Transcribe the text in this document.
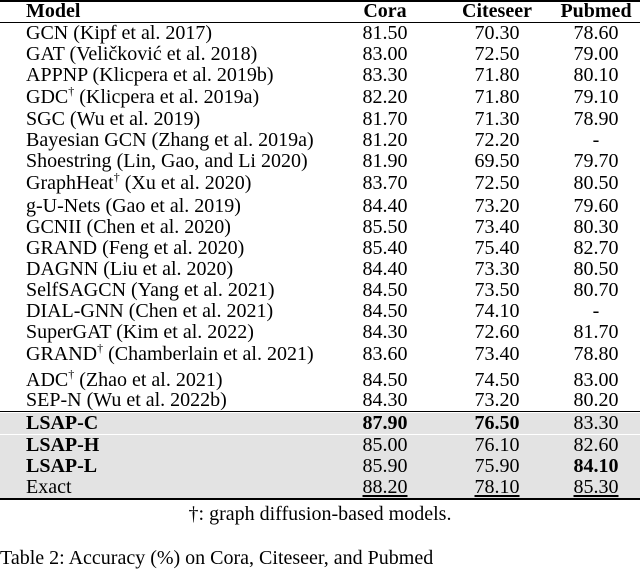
Model	Cora	Citeseer	Pubmed
GCN (Kipf et al. 2017)	81.50	70.30	78.60
GAT (Veličković et al. 2018)	83.00	72.50	79.00
APPNP (Klicpera et al. 2019b)	83.30	71.80	80.10
GDC† (Klicpera et al. 2019a)	82.20	71.80	79.10
SGC (Wu et al. 2019)	81.70	71.30	78.90
Bayesian GCN (Zhang et al. 2019a)	81.20	72.20	-
Shoestring (Lin, Gao, and Li 2020)	81.90	69.50	79.70
GraphHeat† (Xu et al. 2020)	83.70	72.50	80.50
g-U-Nets (Gao et al. 2019)	84.40	73.20	79.60
GCNII (Chen et al. 2020)	85.50	73.40	80.30
GRAND (Feng et al. 2020)	85.40	75.40	82.70
DAGNN (Liu et al. 2020)	84.40	73.30	80.50
SelfSAGCN (Yang et al. 2021)	84.50	73.50	80.70
DIAL-GNN (Chen et al. 2021)	84.50	74.10	-
SuperGAT (Kim et al. 2022)	84.30	72.60	81.70
GRAND† (Chamberlain et al. 2021)	83.60	73.40	78.80
ADC† (Zhao et al. 2021)	84.50	74.50	83.00
SEP-N (Wu et al. 2022b)	84.30	73.20	80.20
LSAP-C	87.90	76.50	83.30
LSAP-H	85.00	76.10	82.60
LSAP-L	85.90	75.90	84.10
Exact	88.20	78.10	85.30
†: graph diffusion-based models.
Table 2: Accuracy (%) on Cora, Citeseer, and Pubmed
